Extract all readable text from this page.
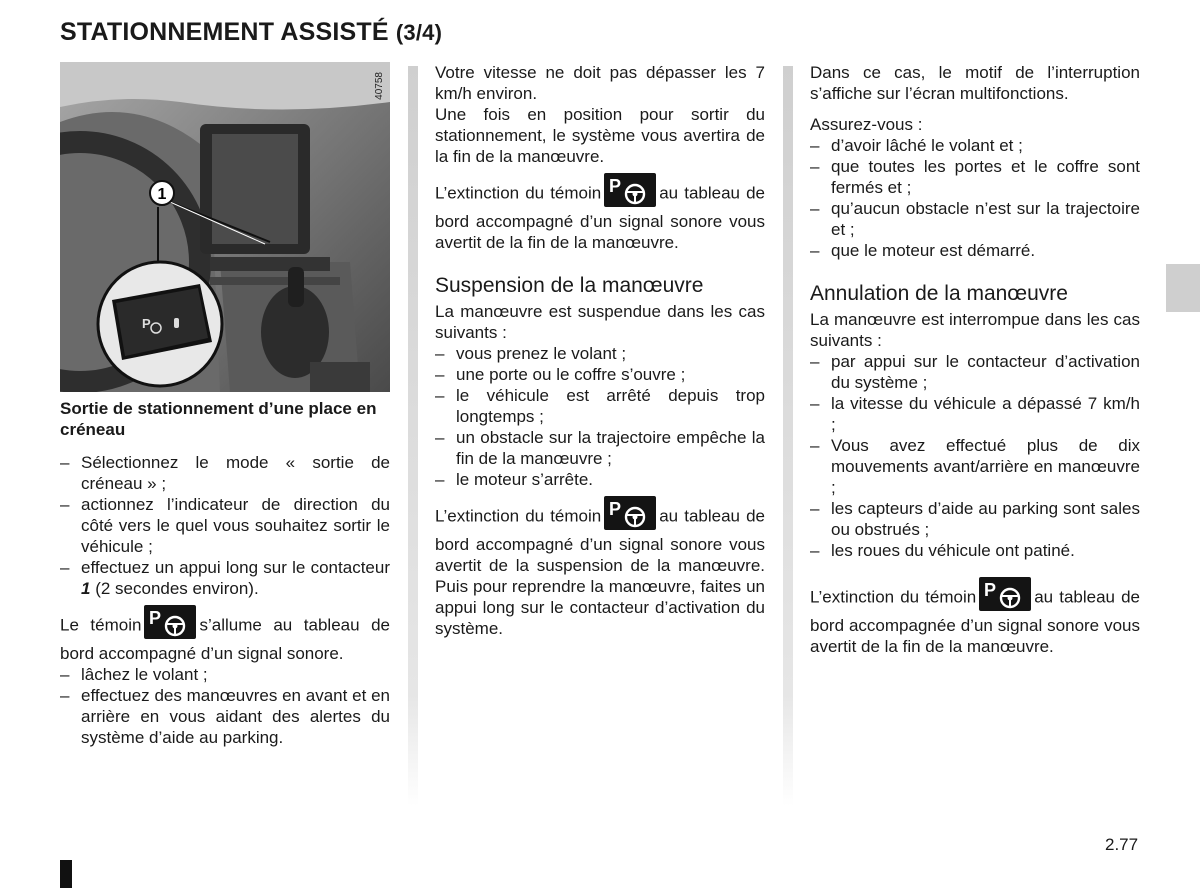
STATIONNEMENT ASSISTÉ (3/4)
40758
1
P

Sortie de stationnement d’une place en créneau

– Sélectionnez le mode « sortie de créneau » ;
– actionnez l’indicateur de direction du côté vers le quel vous souhaitez sortir le véhicule ;
– effectuez un appui long sur le contacteur 1 (2 secondes environ).

Le témoin P s’allume au tableau de bord accompagné d’un signal sonore.

– lâchez le volant ;
– effectuez des manœuvres en avant et en arrière en vous aidant des alertes du système d’aide au parking.

Votre vitesse ne doit pas dépasser les 7 km/h environ.

Une fois en position pour sortir du stationnement, le système vous avertira de la fin de la manœuvre.

L’extinction du témoin P au tableau de bord accompagné d’un signal sonore vous avertit de la fin de la manœuvre.

Suspension de la manœuvre

La manœuvre est suspendue dans les cas suivants :

– vous prenez le volant ;
– une porte ou le coffre s’ouvre ;
– le véhicule est arrêté depuis trop longtemps ;
– un obstacle sur la trajectoire empêche la fin de la manœuvre ;
– le moteur s’arrête.

L’extinction du témoin P au tableau de bord accompagné d’un signal sonore vous avertit de la suspension de la manœuvre. Puis pour reprendre la manœuvre, faites un appui long sur le contacteur d’activation du système.

Dans ce cas, le motif de l’interruption s’affiche sur l’écran multifonctions.

Assurez-vous :

– d’avoir lâché le volant et ;
– que toutes les portes et le coffre sont fermés et ;
– qu’aucun obstacle n’est sur la trajectoire et ;
– que le moteur est démarré.
Annulation de la manœuvre

La manœuvre est interrompue dans les cas suivants :

– par appui sur le contacteur d’activation du système ;
– la vitesse du véhicule a dépassé 7 km/h ;
– Vous avez effectué plus de dix mouvements avant/arrière en manœuvre ;
– les capteurs d’aide au parking sont sales ou obstrués ;
– les roues du véhicule ont patiné.

L’extinction du témoin P au tableau de bord accompagnée d’un signal sonore vous avertit de la fin de la manœuvre.

2.77
